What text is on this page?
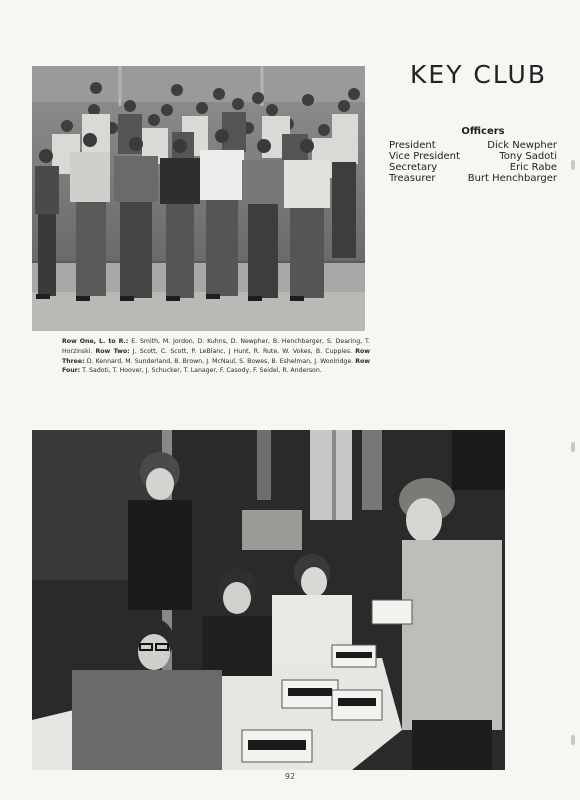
KEY CLUB
Officers
President	Dick Newpher
Vice President	Tony Sadoti
Secretary	Eric Rabe
Treasurer	Burt Henchbarger
Row One, L. to R.: E. Smith, M. Jordon, D. Kuhns, D. Newpher, B. Henchbarger, S. Dearing, T. Horzinski. Row Two: J. Scott, C. Scott, P. LeBlanc, J Hunt, R. Rute, W. Vokes, B. Cupples. Row Three: D. Kennard, M. Sunderland, B. Brown, J. McNaul, S. Bowes, B. Eshelman, J. Woolridge. Row Four: T. Sadoti, T. Hoover, J. Schucker, T. Lanager, F. Casody, F. Seidel, R. Anderson.
92
